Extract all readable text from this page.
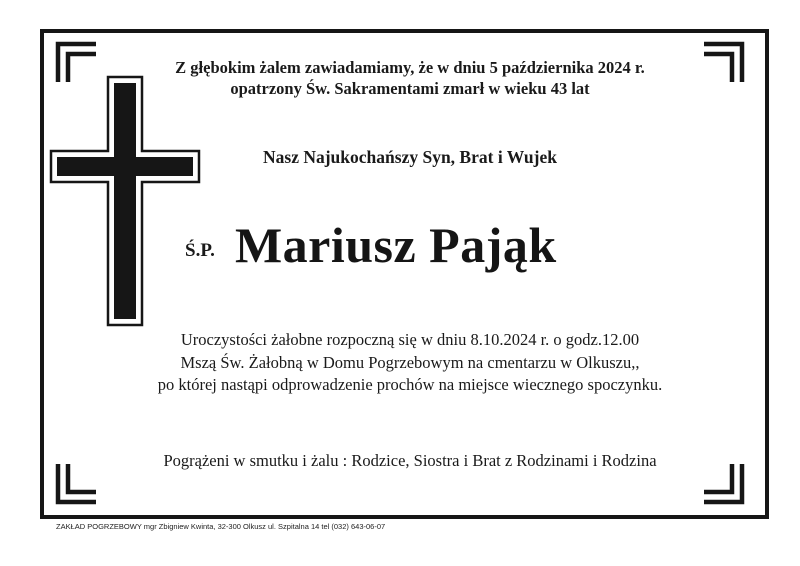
Z głębokim żalem zawiadamiamy, że w dniu 5 października 2024 r.
opatrzony Św. Sakramentami zmarł w wieku 43 lat
Nasz Najukochańszy Syn, Brat i Wujek
Ś.P. Mariusz Pająk
Uroczystości żałobne rozpoczną się w dniu 8.10.2024 r. o godz.12.00
Mszą Św. Żałobną w Domu Pogrzebowym na cmentarzu w Olkuszu,,
po której nastąpi odprowadzenie prochów na miejsce wiecznego spoczynku.
Pogrążeni w smutku i żalu : Rodzice, Siostra i Brat z Rodzinami i Rodzina
ZAKŁAD POGRZEBOWY mgr Zbigniew Kwinta, 32-300 Olkusz ul. Szpitalna 14 tel (032) 643-06-07
